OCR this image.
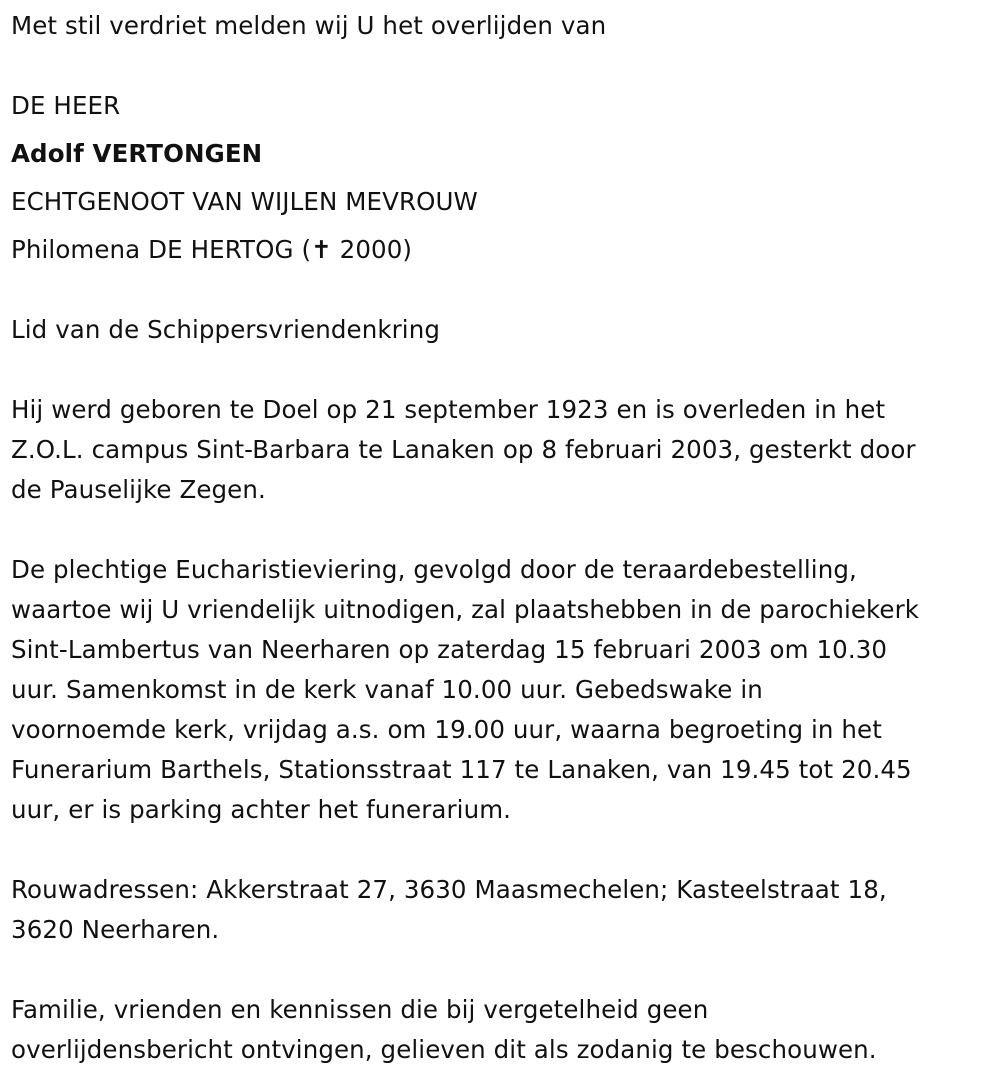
Met stil verdriet melden wij U het overlijden van
DE HEER
Adolf VERTONGEN
ECHTGENOOT VAN WIJLEN MEVROUW
Philomena DE HERTOG (✝ 2000)
Lid van de Schippersvriendenkring
Hij werd geboren te Doel op 21 september 1923 en is overleden in het
Z.O.L. campus Sint-Barbara te Lanaken op 8 februari 2003, gesterkt door
de Pauselijke Zegen.
De plechtige Eucharistieviering, gevolgd door de teraardebestelling,
waartoe wij U vriendelijk uitnodigen, zal plaatshebben in de parochiekerk
Sint-Lambertus van Neerharen op zaterdag 15 februari 2003 om 10.30
uur. Samenkomst in de kerk vanaf 10.00 uur. Gebedswake in
voornoemde kerk, vrijdag a.s. om 19.00 uur, waarna begroeting in het
Funerarium Barthels, Stationsstraat 117 te Lanaken, van 19.45 tot 20.45
uur, er is parking achter het funerarium.
Rouwadressen: Akkerstraat 27, 3630 Maasmechelen; Kasteelstraat 18,
3620 Neerharen.
Familie, vrienden en kennissen die bij vergetelheid geen
overlijdensbericht ontvingen, gelieven dit als zodanig te beschouwen.
